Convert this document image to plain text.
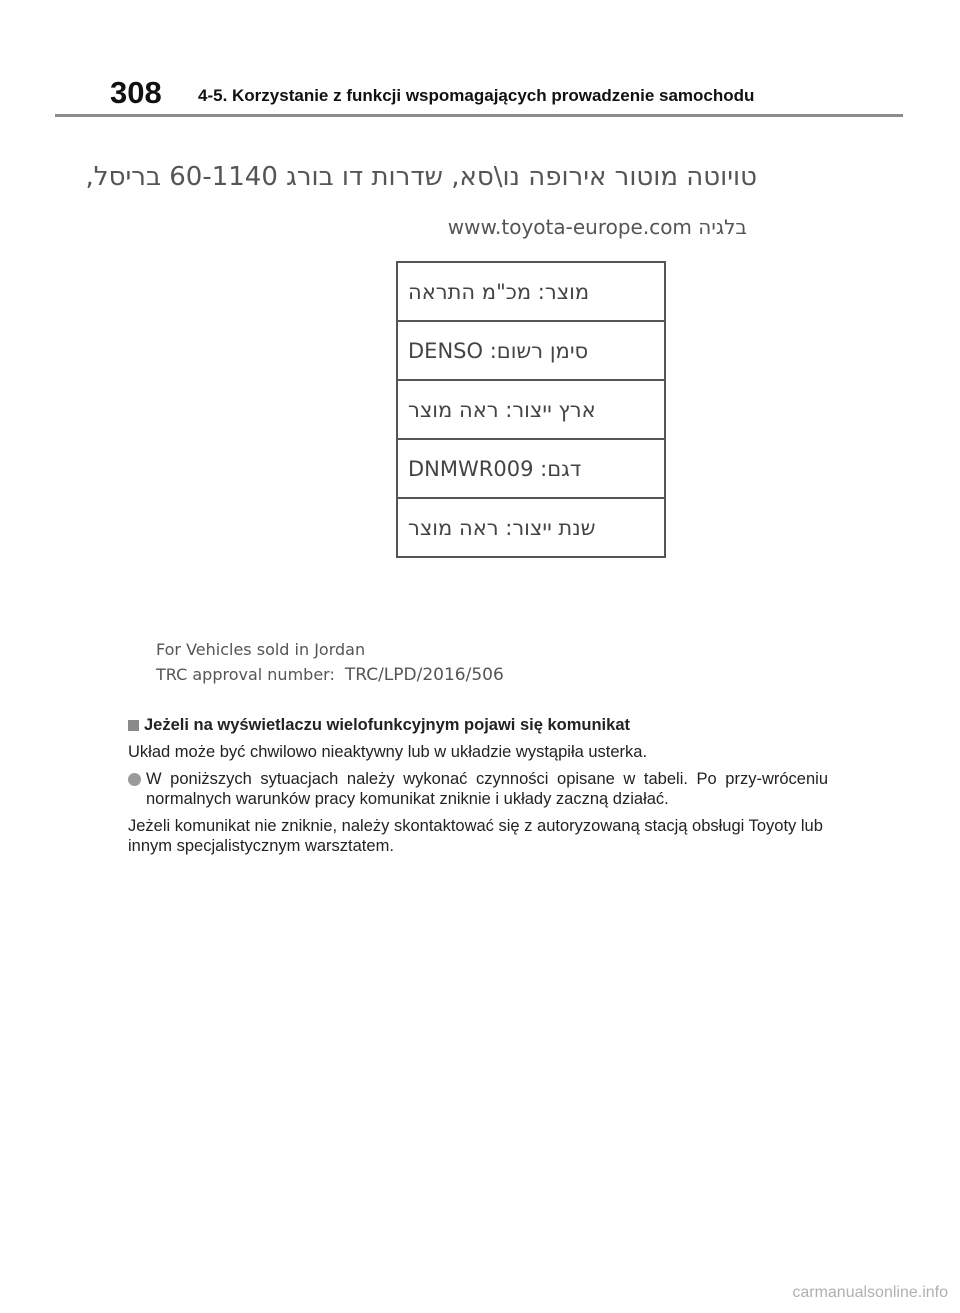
308 4-5. Korzystanie z funkcji wspomagających prowadzenie samochodu
טויוטה מוטור אירופה נו\סא, שדרות דו בורג 60-1140 בריסל,
www.toyota-europe.com בלגיה
מוצר: מכ"מ התראה
סימן רשום: DENSO
ארץ ייצור: ראה מוצר
דגם: DNMWR009
שנת ייצור: ראה מוצר
For Vehicles sold in Jordan
TRC approval number: TRC/LPD/2016/506
Jeżeli na wyświetlaczu wielofunkcyjnym pojawi się komunikat

Układ może być chwilowo nieaktywny lub w układzie wystąpiła usterka.

W poniższych sytuacjach należy wykonać czynności opisane w tabeli. Po przy-wróceniu normalnych warunków pracy komunikat zniknie i układy zaczną działać.

Jeżeli komunikat nie zniknie, należy skontaktować się z autoryzowaną stacją obsługi Toyoty lub innym specjalistycznym warsztatem.

carmanualsonline.info
